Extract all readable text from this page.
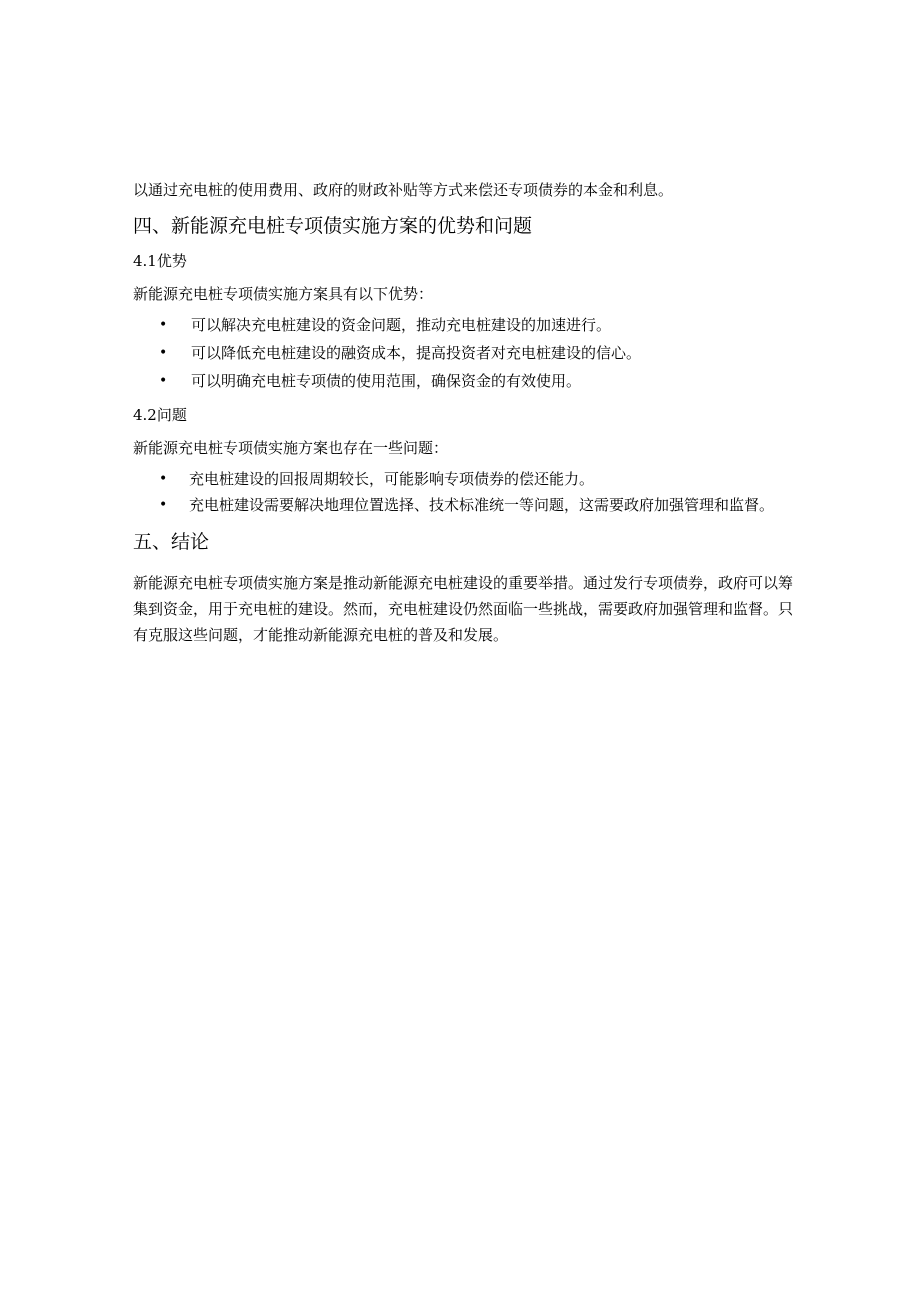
以通过充电桩的使用费用、政府的财政补贴等方式来偿还专项债券的本金和利息。

四、新能源充电桩专项债实施方案的优势和问题
4.1优势

新能源充电桩专项债实施方案具有以下优势：

• 可以解决充电桩建设的资金问题，推动充电桩建设的加速进行。
• 可以降低充电桩建设的融资成本，提高投资者对充电桩建设的信心。
• 可以明确充电桩专项债的使用范围，确保资金的有效使用。
4.2问题

新能源充电桩专项债实施方案也存在一些问题：

• 充电桩建设的回报周期较长，可能影响专项债券的偿还能力。
• 充电桩建设需要解决地理位置选择、技术标准统一等问题，这需要政府加强管理和监督。
五、结论

新能源充电桩专项债实施方案是推动新能源充电桩建设的重要举措。通过发行专项债券，政府可以筹集到资金，用于充电桩的建设。然而，充电桩建设仍然面临一些挑战，需要政府加强管理和监督。只有克服这些问题，才能推动新能源充电桩的普及和发展。
